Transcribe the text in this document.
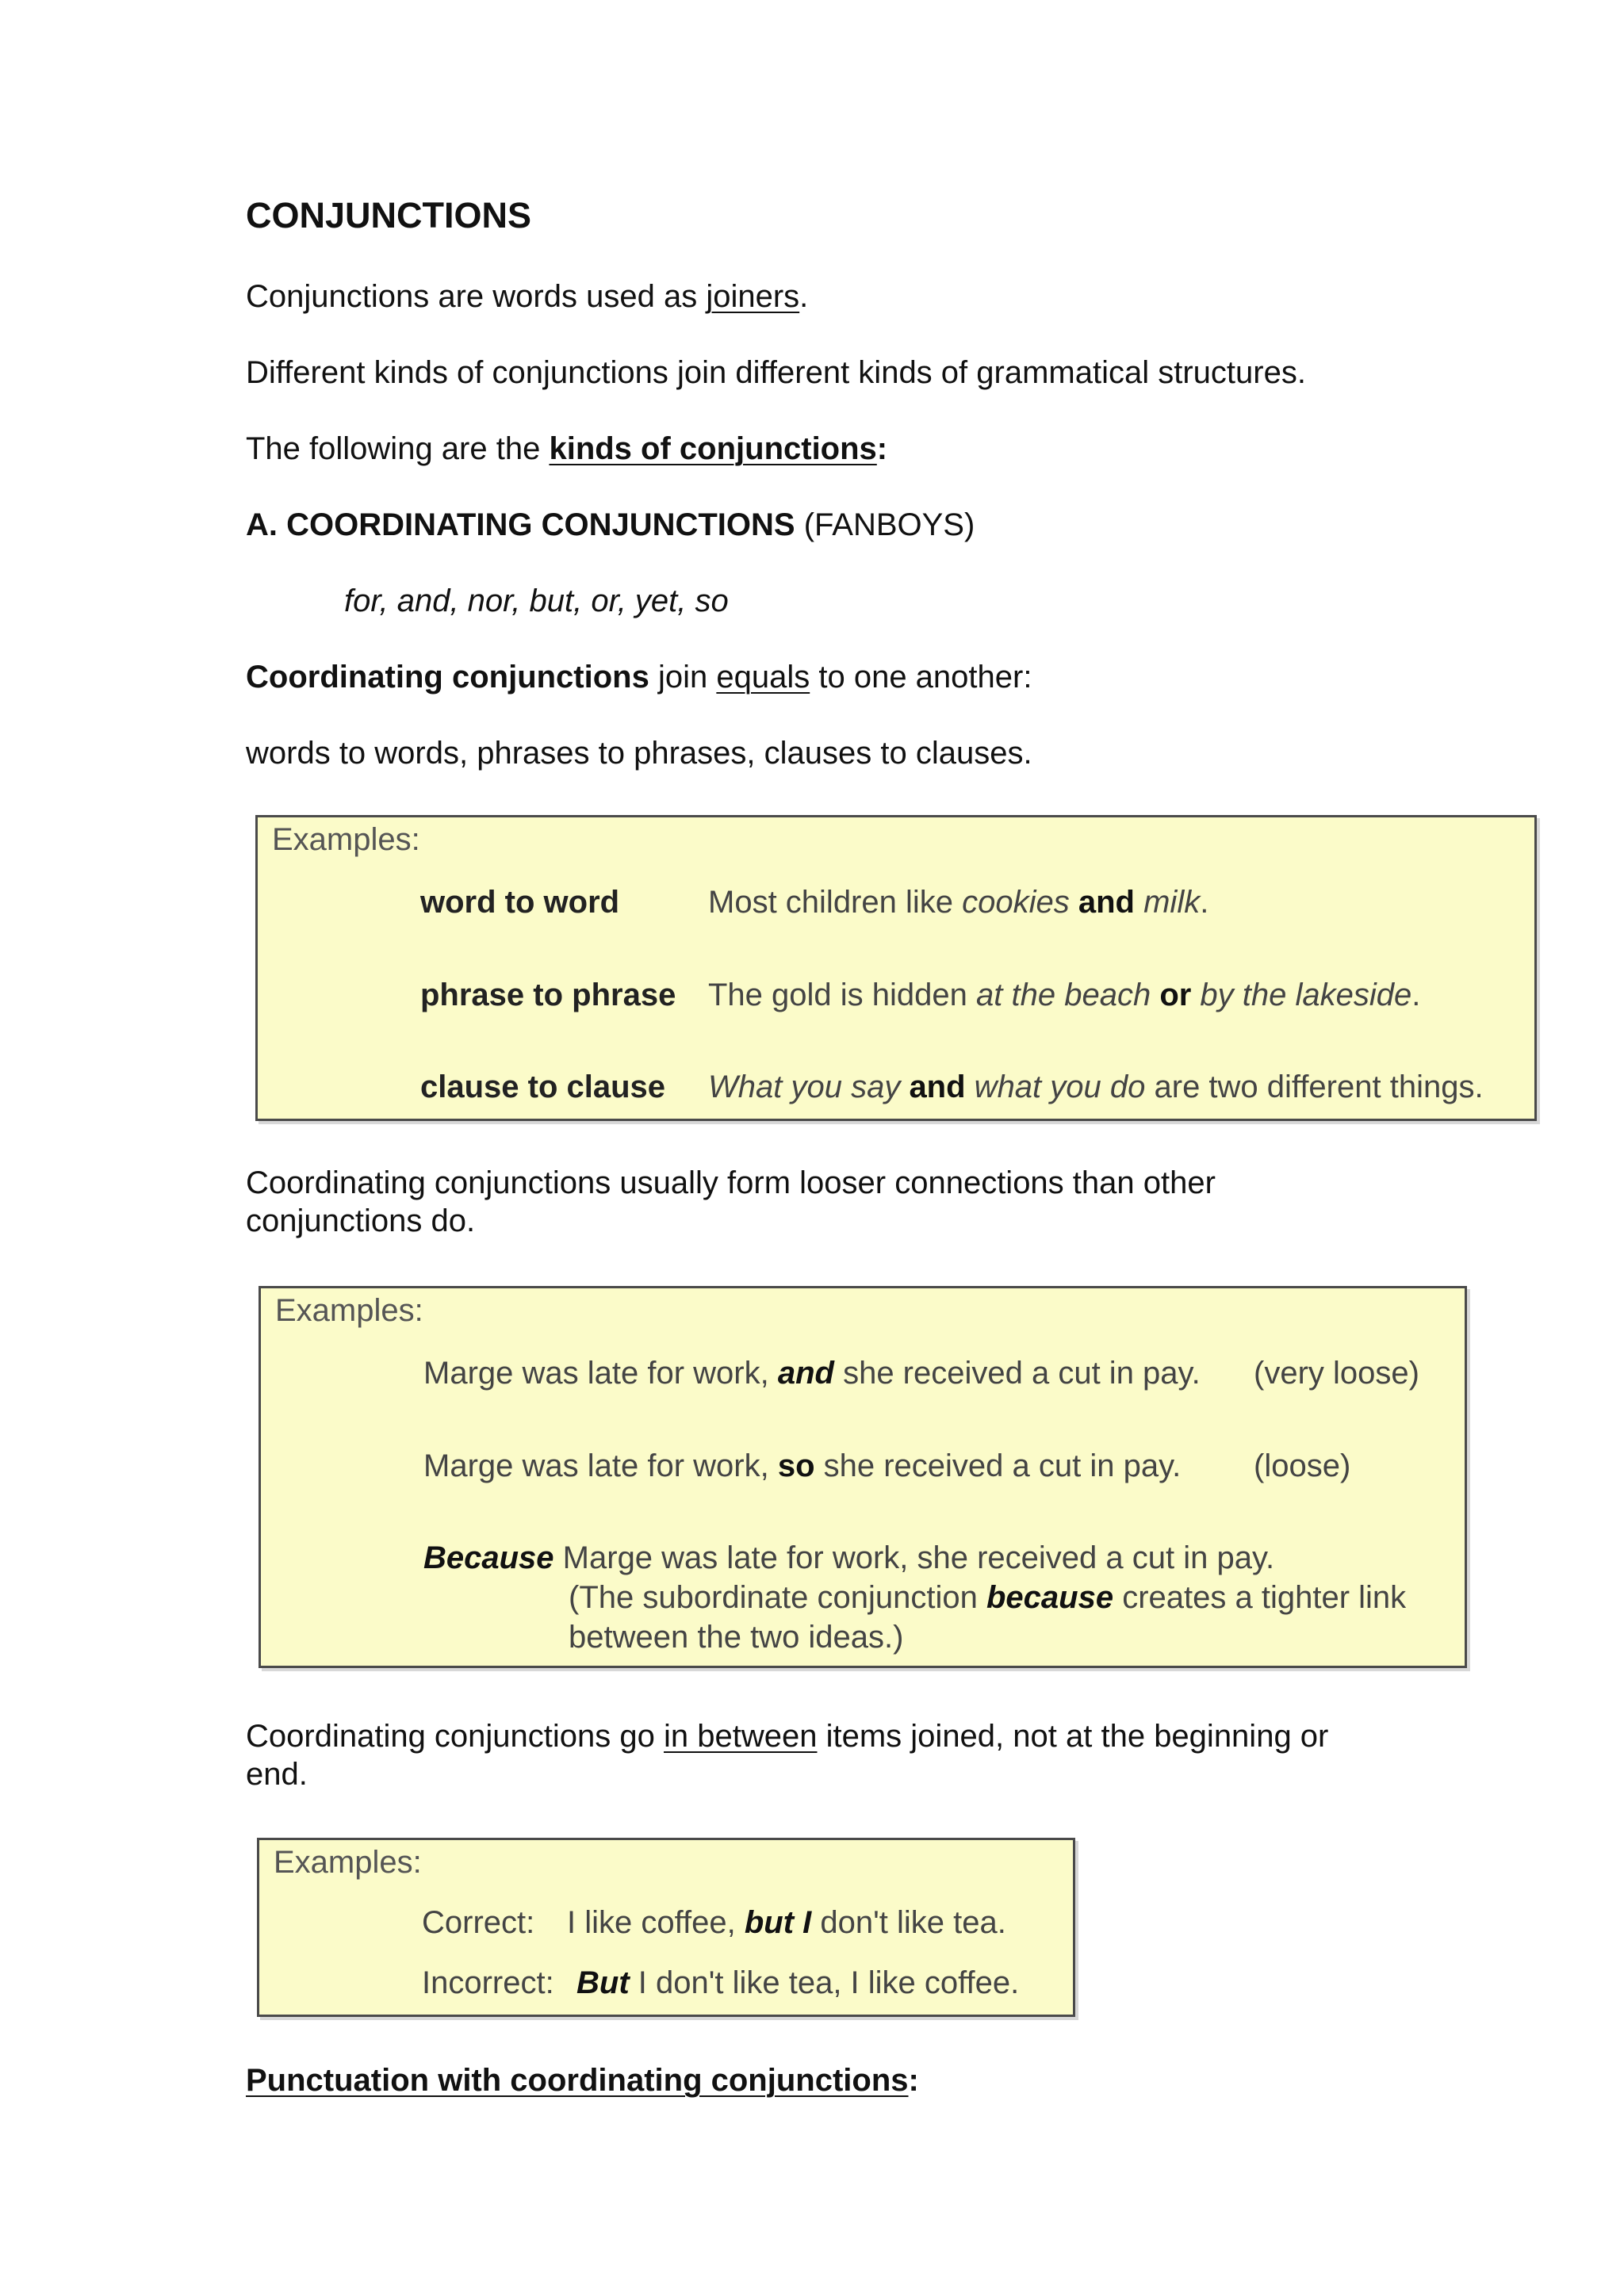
CONJUNCTIONS
Conjunctions are words used as joiners.
Different kinds of conjunctions join different kinds of grammatical structures.
The following are the kinds of conjunctions:
A. COORDINATING CONJUNCTIONS (FANBOYS)
for, and, nor, but, or, yet, so
Coordinating conjunctions join equals to one another:
words to words, phrases to phrases, clauses to clauses.
Examples:
word to word	Most children like cookies and milk.
phrase to phrase The gold is hidden at the beach or by the lakeside.
clause to clause What you say and what you do are two different things.
Coordinating conjunctions usually form looser connections than other
conjunctions do.
Examples:
Marge was late for work, and she received a cut in pay. (very loose)
Marge was late for work, so she received a cut in pay. (loose)
Because Marge was late for work, she received a cut in pay.
(The subordinate conjunction because creates a tighter link
between the two ideas.)
Coordinating conjunctions go in between items joined, not at the beginning or
end.
Examples:
Correct: I like coffee, but I don't like tea.
Incorrect: But I don't like tea, I like coffee.
Punctuation with coordinating conjunctions:
